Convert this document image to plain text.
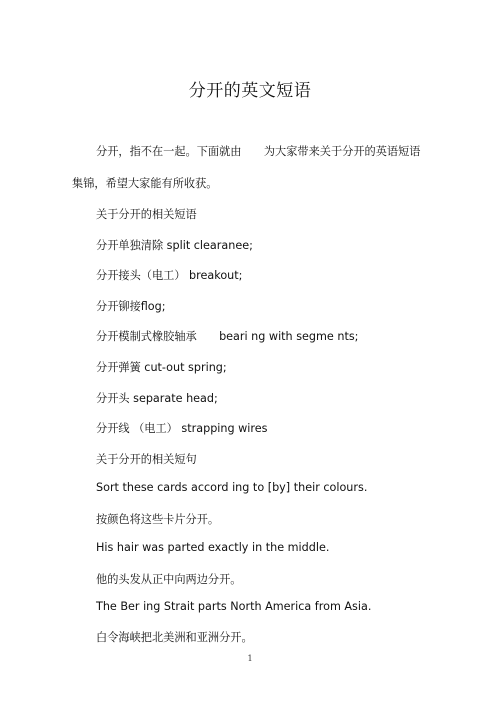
分开的英文短语
分开，指不在一起。下面就由　　为大家带来关于分开的英语短语
集锦，希望大家能有所收获。
关于分开的相关短语
分开单独清除 split clearanee;
分开接头（电工） breakout;
分开铆接flog;
分开模制式橡胶轴承　　beari ng with segme nts;
分开弹簧 cut-out spring;
分开头 separate head;
分开线 （电工） strapping wires
关于分开的相关短句
Sort these cards accord ing to [by] their colours.
按颜色将这些卡片分开。
His hair was parted exactly in the middle.
他的头发从正中向两边分开。
The Ber ing Strait parts North America from Asia.
白令海峡把北美洲和亚洲分开。
1
